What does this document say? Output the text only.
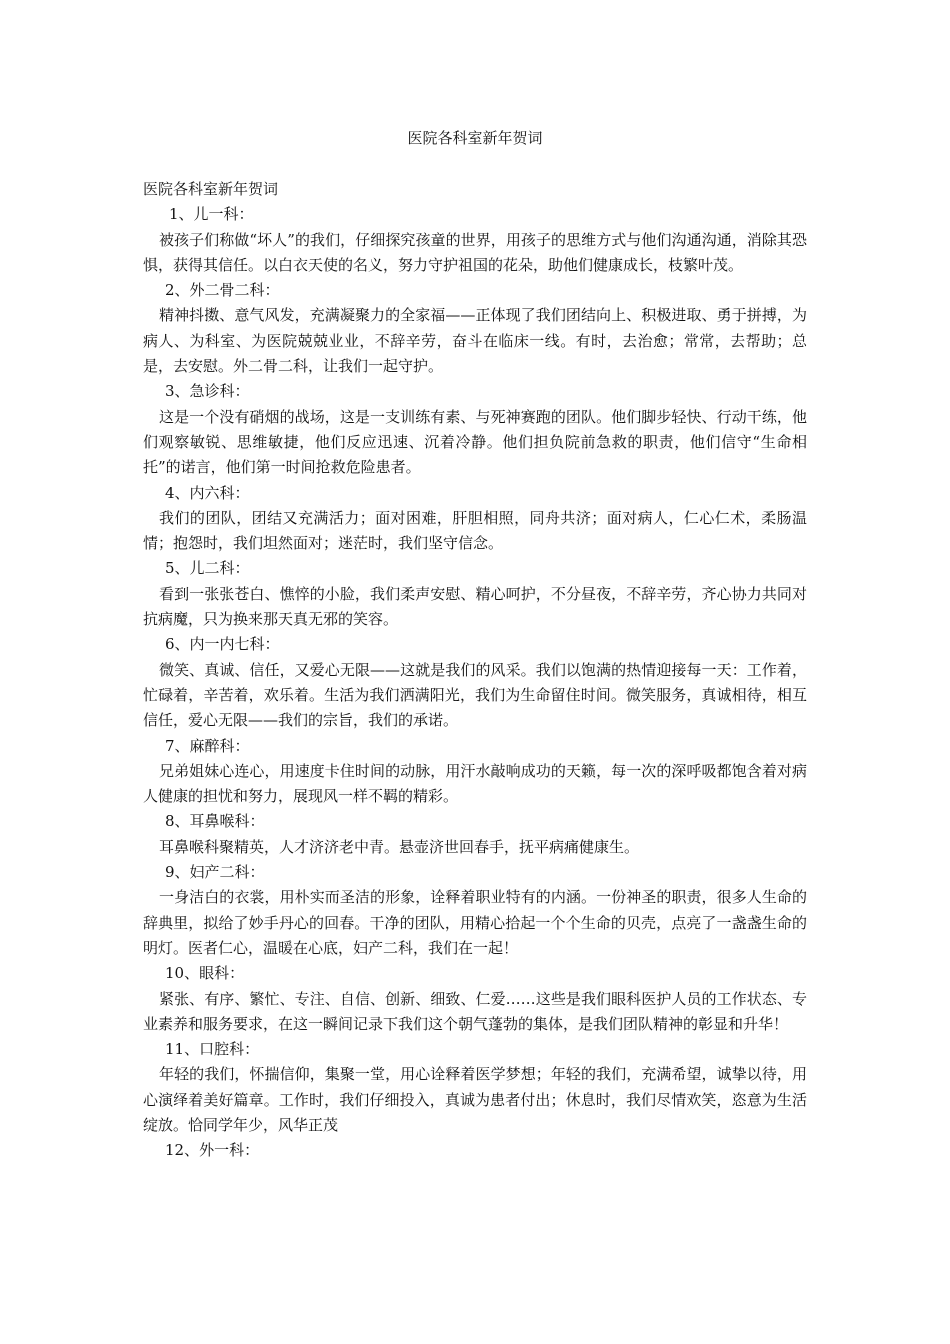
医院各科室新年贺词

医院各科室新年贺词

1、儿一科：

被孩子们称做“坏人”的我们，仔细探究孩童的世界，用孩子的思维方式与他们沟通沟通，消除其恐惧，获得其信任。以白衣天使的名义，努力守护祖国的花朵，助他们健康成长，枝繁叶茂。

2、外二骨二科：

精神抖擞、意气风发，充满凝聚力的全家福——正体现了我们团结向上、积极进取、勇于拼搏，为病人、为科室、为医院兢兢业业，不辞辛劳，奋斗在临床一线。有时，去治愈；常常，去帮助；总是，去安慰。外二骨二科，让我们一起守护。

3、急诊科：

这是一个没有硝烟的战场，这是一支训练有素、与死神赛跑的团队。他们脚步轻快、行动干练，他们观察敏锐、思维敏捷，他们反应迅速、沉着冷静。他们担负院前急救的职责，他们信守“生命相托”的诺言，他们第一时间抢救危险患者。

4、内六科：

我们的团队，团结又充满活力；面对困难，肝胆相照，同舟共济；面对病人，仁心仁术，柔肠温情；抱怨时，我们坦然面对；迷茫时，我们坚守信念。

5、儿二科：

看到一张张苍白、憔悴的小脸，我们柔声安慰、精心呵护，不分昼夜，不辞辛劳，齐心协力共同对抗病魔，只为换来那天真无邪的笑容。

6、内一内七科：

微笑、真诚、信任，又爱心无限——这就是我们的风采。我们以饱满的热情迎接每一天：工作着，忙碌着，辛苦着，欢乐着。生活为我们洒满阳光，我们为生命留住时间。微笑服务，真诚相待，相互信任，爱心无限——我们的宗旨，我们的承诺。

7、麻醉科：

兄弟姐妹心连心，用速度卡住时间的动脉，用汗水敲响成功的天籁，每一次的深呼吸都饱含着对病人健康的担忧和努力，展现风一样不羁的精彩。

8、耳鼻喉科：

耳鼻喉科聚精英，人才济济老中青。悬壶济世回春手，抚平病痛健康生。

9、妇产二科：

一身洁白的衣裳，用朴实而圣洁的形象，诠释着职业特有的内涵。一份神圣的职责，很多人生命的辞典里，拟给了妙手丹心的回春。干净的团队，用精心拾起一个个生命的贝壳，点亮了一盏盏生命的明灯。医者仁心，温暖在心底，妇产二科，我们在一起！

10、眼科：

紧张、有序、繁忙、专注、自信、创新、细致、仁爱……这些是我们眼科医护人员的工作状态、专业素养和服务要求，在这一瞬间记录下我们这个朝气蓬勃的集体，是我们团队精神的彰显和升华！

11、口腔科：

年轻的我们，怀揣信仰，集聚一堂，用心诠释着医学梦想；年轻的我们，充满希望，诚挚以待，用心演绎着美好篇章。工作时，我们仔细投入，真诚为患者付出；休息时，我们尽情欢笑，恣意为生活绽放。恰同学年少，风华正茂

12、外一科：
